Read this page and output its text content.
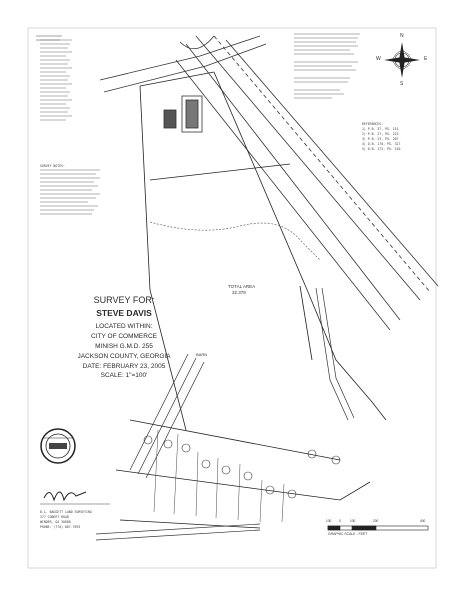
SURVEY FOR:
STEVE DAVIS
LOCATED WITHIN:
CITY OF COMMERCE
MINISH G.M.D. 255
JACKSON COUNTY, GEORGIA
DATE: FEBRUARY 23, 2005
SCALE: 1"=100'
TOTAL AREA
32.379
BARN
N
S
E
W
100 0	100	200	400
GRAPHIC SCALE - FEET
D.L. BAGGETT LAND SURVEYING
377 COBERT ROAD
WINDER, GA 30680
PHONE: (770) 867-7893
REFERENCES:
1) P.B. 37, PG. 151
2) P.B. 27, PG. 223
3) P.B. 23, PG. 267
4) D.B. 170, PG. 327
5) D.B. 173, PG. 150
SURVEY NOTES:
